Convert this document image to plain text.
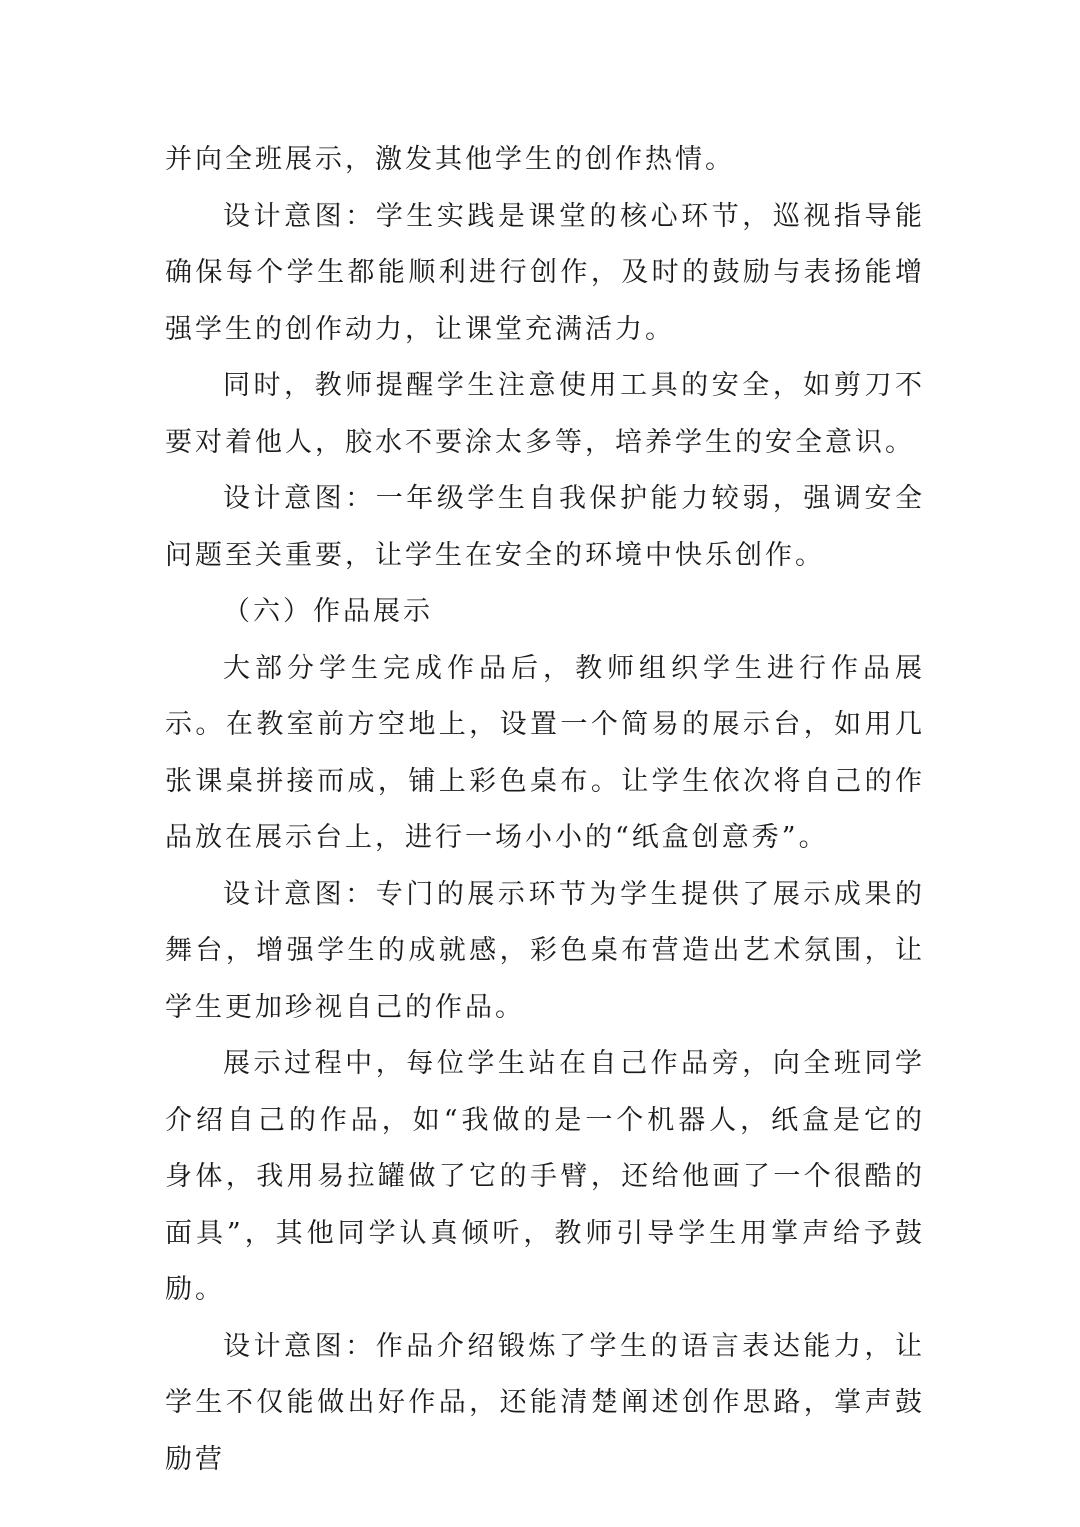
并向全班展示，激发其他学生的创作热情。

设计意图：学生实践是课堂的核心环节，巡视指导能确保每个学生都能顺利进行创作，及时的鼓励与表扬能增强学生的创作动力，让课堂充满活力。

同时，教师提醒学生注意使用工具的安全，如剪刀不要对着他人，胶水不要涂太多等，培养学生的安全意识。

设计意图：一年级学生自我保护能力较弱，强调安全问题至关重要，让学生在安全的环境中快乐创作。

（六）作品展示

大部分学生完成作品后，教师组织学生进行作品展示。在教室前方空地上，设置一个简易的展示台，如用几张课桌拼接而成，铺上彩色桌布。让学生依次将自己的作品放在展示台上，进行一场小小的“纸盒创意秀”。

设计意图：专门的展示环节为学生提供了展示成果的舞台，增强学生的成就感，彩色桌布营造出艺术氛围，让学生更加珍视自己的作品。

展示过程中，每位学生站在自己作品旁，向全班同学介绍自己的作品，如“我做的是一个机器人，纸盒是它的身体，我用易拉罐做了它的手臂，还给他画了一个很酷的面具”，其他同学认真倾听，教师引导学生用掌声给予鼓励。

设计意图：作品介绍锻炼了学生的语言表达能力，让学生不仅能做出好作品，还能清楚阐述创作思路，掌声鼓励营
